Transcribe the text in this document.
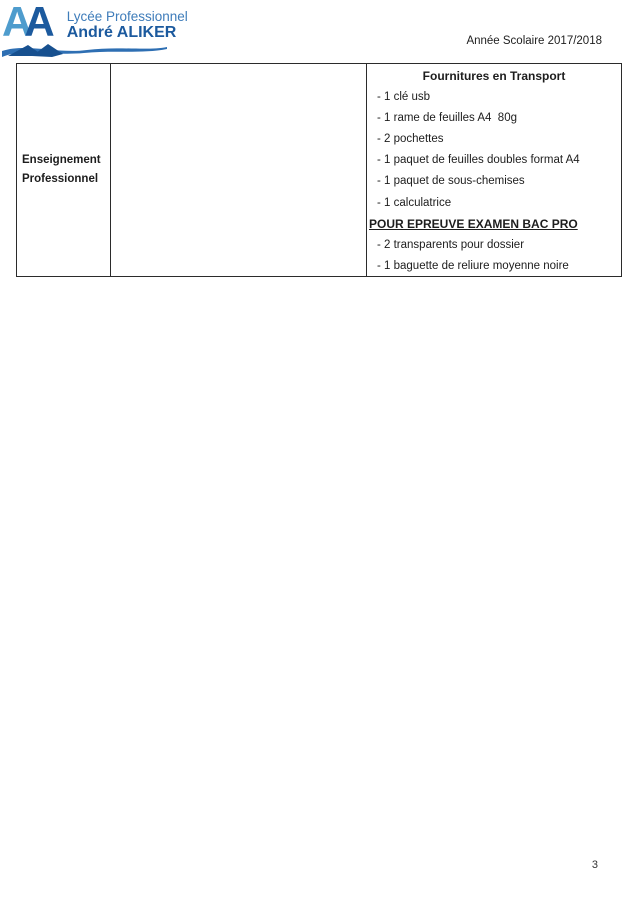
AA	Lycée Professionnel
André ALIKER	Année Scolaire 2017/2018
Enseignement
Professionnel
Fournitures en Transport
- 1 clé usb
- 1 rame de feuilles A4  80g
- 2 pochettes
- 1 paquet de feuilles doubles format A4
- 1 paquet de sous-chemises
- 1 calculatrice
POUR EPREUVE EXAMEN BAC PRO
- 2 transparents pour dossier
- 1 baguette de reliure moyenne noire
3
